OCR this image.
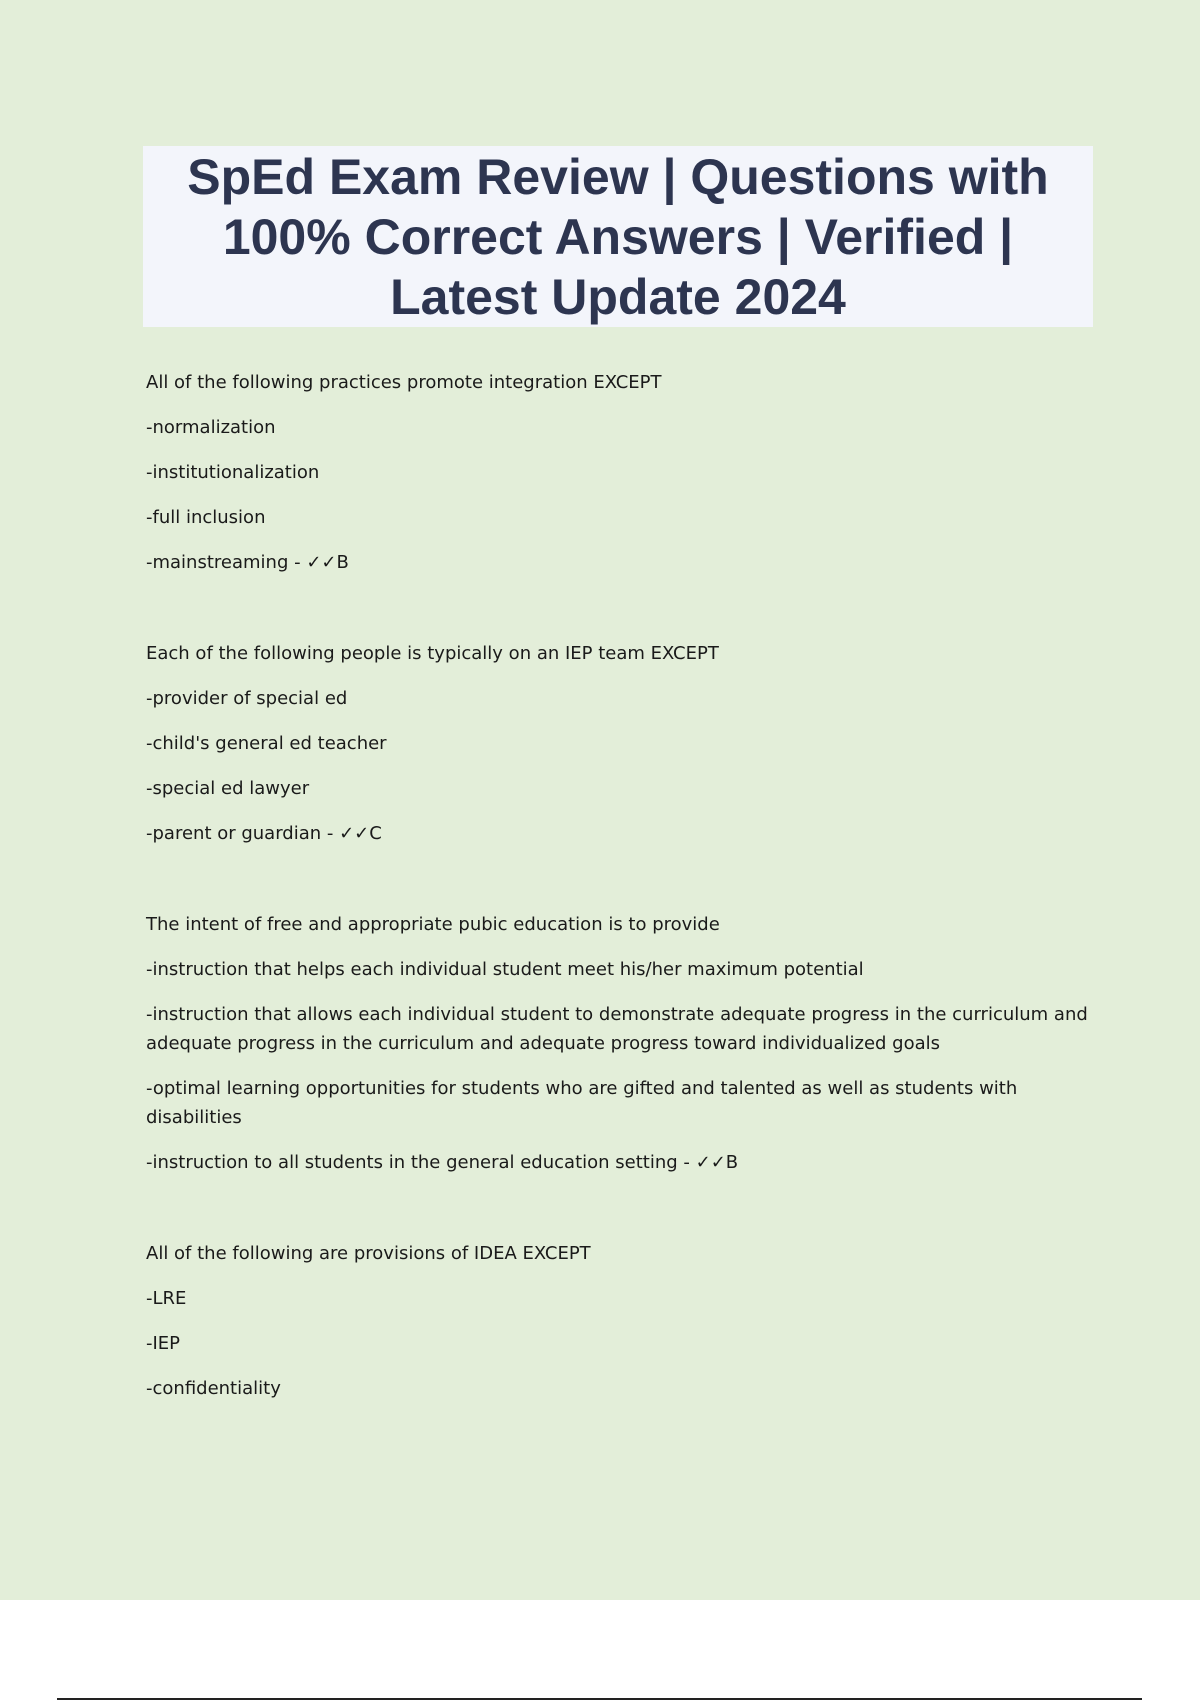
SpEd Exam Review | Questions with 100% Correct Answers | Verified | Latest Update 2024

All of the following practices promote integration EXCEPT

-normalization

-institutionalization

-full inclusion

-mainstreaming - ✓✓B

Each of the following people is typically on an IEP team EXCEPT

-provider of special ed

-child's general ed teacher

-special ed lawyer

-parent or guardian - ✓✓C

The intent of free and appropriate pubic education is to provide

-instruction that helps each individual student meet his/her maximum potential

-instruction that allows each individual student to demonstrate adequate progress in the curriculum and adequate progress in the curriculum and adequate progress toward individualized goals

-optimal learning opportunities for students who are gifted and talented as well as students with disabilities

-instruction to all students in the general education setting - ✓✓B

All of the following are provisions of IDEA EXCEPT

-LRE

-IEP

-confidentiality
